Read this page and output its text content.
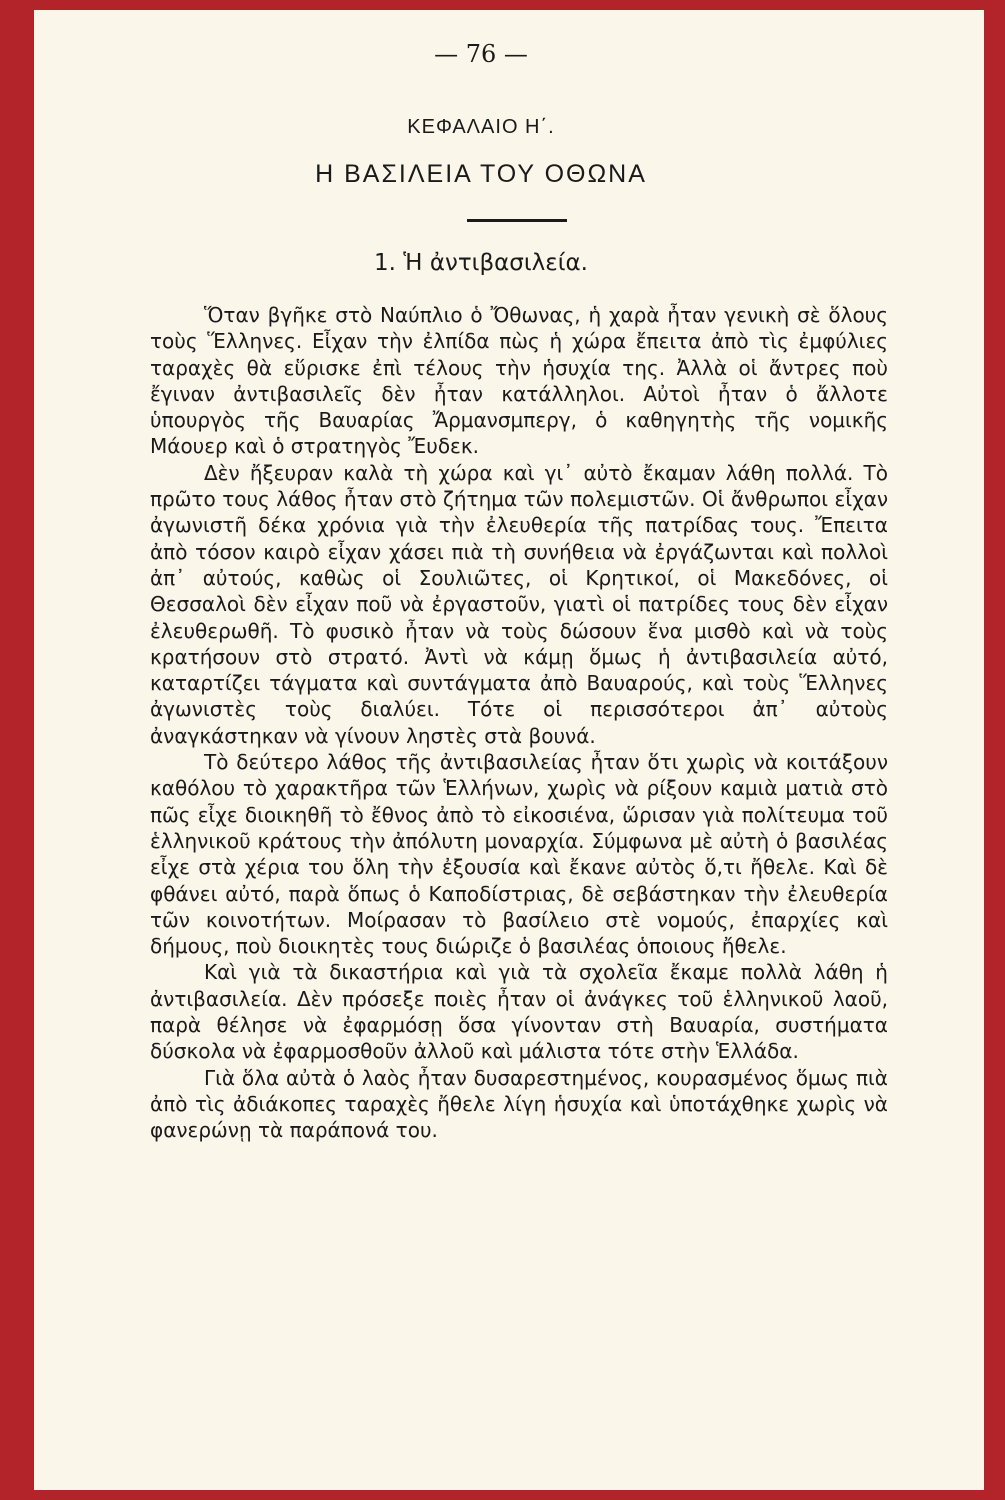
— 76 —
ΚΕΦΑΛΑΙΟ Η΄.
Η ΒΑΣΙΛΕΙΑ ΤΟΥ ΟΘΩΝΑ
1. Ἡ ἀντιβασιλεία.

Ὅταν βγῆκε στὸ Ναύπλιο ὁ Ὄθωνας, ἡ χαρὰ ἦταν γενικὴ σὲ ὅλους τοὺς Ἕλληνες. Εἶχαν τὴν ἐλπίδα πὼς ἡ χώρα ἔπειτα ἀπὸ τὶς ἐμφύλιες ταραχὲς θὰ εὕρισκε ἐπὶ τέλους τὴν ἡσυχία της. Ἀλλὰ οἱ ἄντρες ποὺ ἔγιναν ἀντιβασιλεῖς δὲν ἦταν κατάλληλοι. Αὐτοὶ ἦταν ὁ ἄλλοτε ὑπουργὸς τῆς Βαυαρίας Ἄρμανσμπεργ, ὁ καθηγητὴς τῆς νομικῆς Μάουερ καὶ ὁ στρατηγὸς Ἔυδεκ.

Δὲν ἤξευραν καλὰ τὴ χώρα καὶ γι᾽ αὐτὸ ἔκαμαν λάθη πολλά. Τὸ πρῶτο τους λάθος ἦταν στὸ ζήτημα τῶν πολεμιστῶν. Οἱ ἄνθρωποι εἶχαν ἀγωνιστῆ δέκα χρόνια γιὰ τὴν ἐλευθερία τῆς πατρίδας τους. Ἔπειτα ἀπὸ τόσον καιρὸ εἶχαν χάσει πιὰ τὴ συνήθεια νὰ ἐργάζωνται καὶ πολλοὶ ἀπ᾽ αὐτούς, καθὼς οἱ Σουλιῶτες, οἱ Κρητικοί, οἱ Μακεδόνες, οἱ Θεσσαλοὶ δὲν εἶχαν ποῦ νὰ ἐργαστοῦν, γιατὶ οἱ πατρίδες τους δὲν εἶχαν ἐλευθερωθῆ. Τὸ φυσικὸ ἦταν νὰ τοὺς δώσουν ἕνα μισθὸ καὶ νὰ τοὺς κρατήσουν στὸ στρατό. Ἀντὶ νὰ κάμῃ ὅμως ἡ ἀντιβασιλεία αὐτό, καταρτίζει τάγματα καὶ συντάγματα ἀπὸ Βαυαρούς, καὶ τοὺς Ἕλληνες ἀγωνιστὲς τοὺς διαλύει. Τότε οἱ περισσότεροι ἀπ᾽ αὐτοὺς ἀναγκάστηκαν νὰ γίνουν ληστὲς στὰ βουνά.

Τὸ δεύτερο λάθος τῆς ἀντιβασιλείας ἦταν ὅτι χωρὶς νὰ κοιτάξουν καθόλου τὸ χαρακτῆρα τῶν Ἑλλήνων, χωρὶς νὰ ρίξουν καμιὰ ματιὰ στὸ πῶς εἶχε διοικηθῆ τὸ ἔθνος ἀπὸ τὸ εἰκοσιένα, ὥρισαν γιὰ πολίτευμα τοῦ ἑλληνικοῦ κράτους τὴν ἀπόλυτη μοναρχία. Σύμφωνα μὲ αὐτὴ ὁ βασιλέας εἶχε στὰ χέρια του ὅλη τὴν ἐξουσία καὶ ἔκανε αὐτὸς ὅ,τι ἤθελε. Καὶ δὲ φθάνει αὐτό, παρὰ ὅπως ὁ Καποδίστριας, δὲ σεβάστηκαν τὴν ἐλευθερία τῶν κοινοτήτων. Μοίρασαν τὸ βασίλειο στὲ νομούς, ἐπαρχίες καὶ δήμους, ποὺ διοικητὲς τους διώριζε ὁ βασιλέας ὁποιους ἤθελε.

Καὶ γιὰ τὰ δικαστήρια καὶ γιὰ τὰ σχολεῖα ἔκαμε πολλὰ λάθη ἡ ἀντιβασιλεία. Δὲν πρόσεξε ποιὲς ἦταν οἱ ἀνάγκες τοῦ ἑλληνικοῦ λαοῦ, παρὰ θέλησε νὰ ἐφαρμόσῃ ὅσα γίνονταν στὴ Βαυαρία, συστήματα δύσκολα νὰ ἐφαρμοσθοῦν ἀλλοῦ καὶ μάλιστα τότε στὴν Ἑλλάδα.

Γιὰ ὅλα αὐτὰ ὁ λαὸς ἦταν δυσαρεστημένος, κουρασμένος ὅμως πιὰ ἀπὸ τὶς ἀδιάκοπες ταραχὲς ἤθελε λίγη ἡσυχία καὶ ὑποτάχθηκε χωρὶς νὰ φανερώνῃ τὰ παράπονά του.
